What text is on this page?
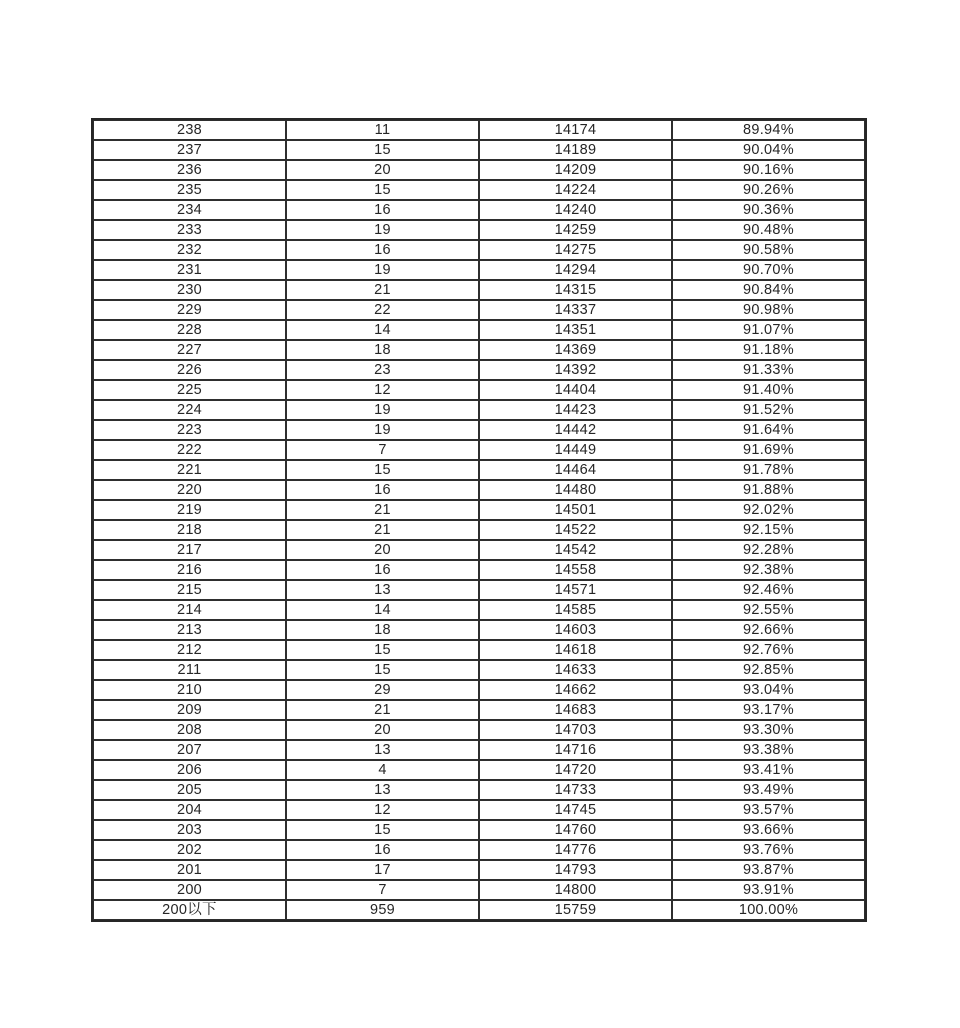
238	11	14174	89.94%
237	15	14189	90.04%
236	20	14209	90.16%
235	15	14224	90.26%
234	16	14240	90.36%
233	19	14259	90.48%
232	16	14275	90.58%
231	19	14294	90.70%
230	21	14315	90.84%
229	22	14337	90.98%
228	14	14351	91.07%
227	18	14369	91.18%
226	23	14392	91.33%
225	12	14404	91.40%
224	19	14423	91.52%
223	19	14442	91.64%
222	7	14449	91.69%
221	15	14464	91.78%
220	16	14480	91.88%
219	21	14501	92.02%
218	21	14522	92.15%
217	20	14542	92.28%
216	16	14558	92.38%
215	13	14571	92.46%
214	14	14585	92.55%
213	18	14603	92.66%
212	15	14618	92.76%
211	15	14633	92.85%
210	29	14662	93.04%
209	21	14683	93.17%
208	20	14703	93.30%
207	13	14716	93.38%
206	4	14720	93.41%
205	13	14733	93.49%
204	12	14745	93.57%
203	15	14760	93.66%
202	16	14776	93.76%
201	17	14793	93.87%
200	7	14800	93.91%
200以下	959	15759	100.00%
